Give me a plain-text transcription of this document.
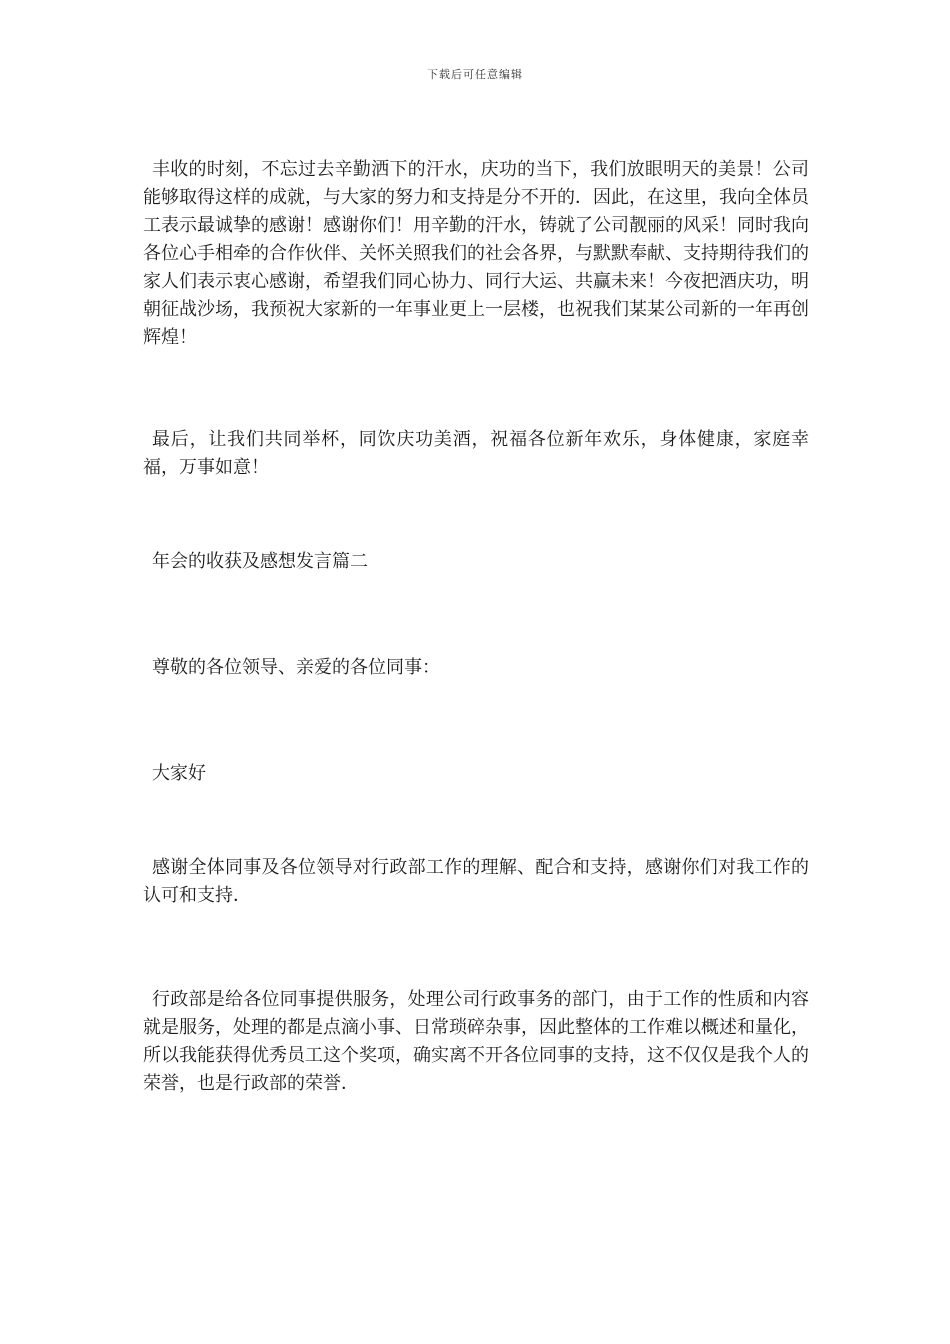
下载后可任意编辑

丰收的时刻，不忘过去辛勤洒下的汗水，庆功的当下，我们放眼明天的美景！公司能够取得这样的成就，与大家的努力和支持是分不开的．因此，在这里，我向全体员工表示最诚挚的感谢！感谢你们！用辛勤的汗水，铸就了公司靓丽的风采！同时我向各位心手相牵的合作伙伴、关怀关照我们的社会各界，与默默奉献、支持期待我们的家人们表示衷心感谢，希望我们同心协力、同行大运、共赢未来！今夜把酒庆功，明朝征战沙场，我预祝大家新的一年事业更上一层楼，也祝我们某某公司新的一年再创辉煌！

最后，让我们共同举杯，同饮庆功美酒，祝福各位新年欢乐，身体健康，家庭幸福，万事如意！

年会的收获及感想发言篇二

尊敬的各位领导、亲爱的各位同事：

大家好

感谢全体同事及各位领导对行政部工作的理解、配合和支持，感谢你们对我工作的认可和支持．

行政部是给各位同事提供服务，处理公司行政事务的部门，由于工作的性质和内容就是服务，处理的都是点滴小事、日常琐碎杂事，因此整体的工作难以概述和量化，所以我能获得优秀员工这个奖项，确实离不开各位同事的支持，这不仅仅是我个人的荣誉，也是行政部的荣誉．
